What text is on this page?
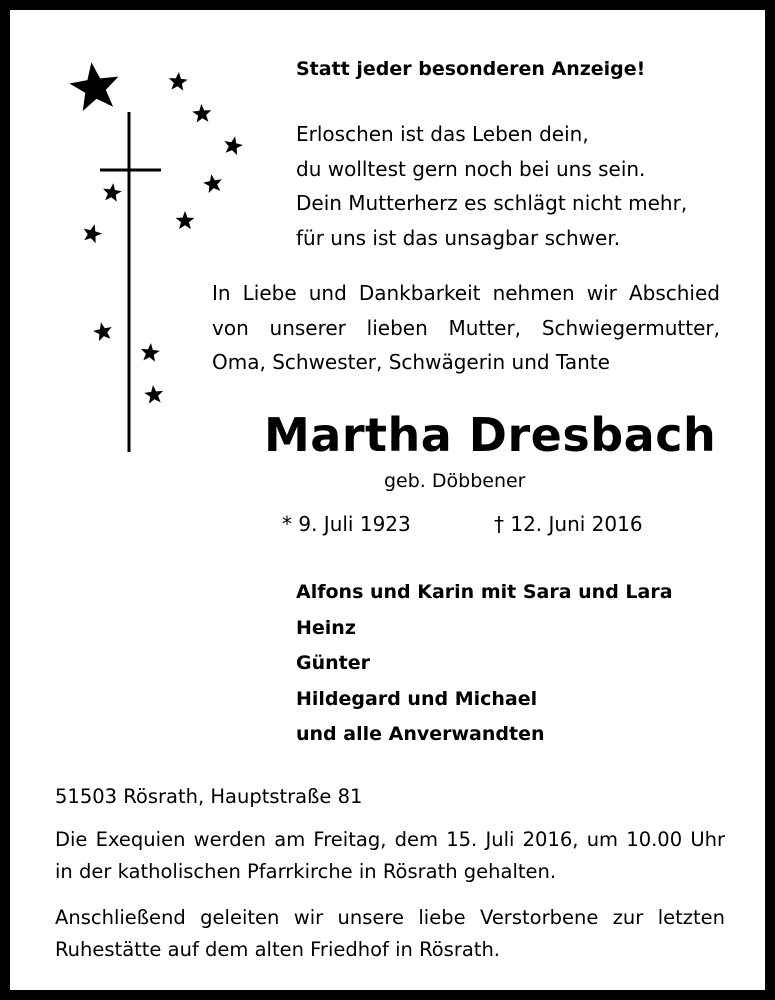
Statt jeder besonderen Anzeige!
Erloschen ist das Leben dein,
du wolltest gern noch bei uns sein.
Dein Mutterherz es schlägt nicht mehr,
für uns ist das unsagbar schwer.
In Liebe und Dankbarkeit nehmen wir Abschied
von unserer lieben Mutter, Schwiegermutter,
Oma, Schwester, Schwägerin und Tante
Martha Dresbach
geb. Döbbener
* 9. Juli 1923	† 12. Juni 2016
Alfons und Karin mit Sara und Lara
Heinz
Günter
Hildegard und Michael
und alle Anverwandten
51503 Rösrath, Hauptstraße 81
Die Exequien werden am Freitag, dem 15. Juli 2016, um 10.00 Uhr
in der katholischen Pfarrkirche in Rösrath gehalten.
Anschließend geleiten wir unsere liebe Verstorbene zur letzten
Ruhestätte auf dem alten Friedhof in Rösrath.
